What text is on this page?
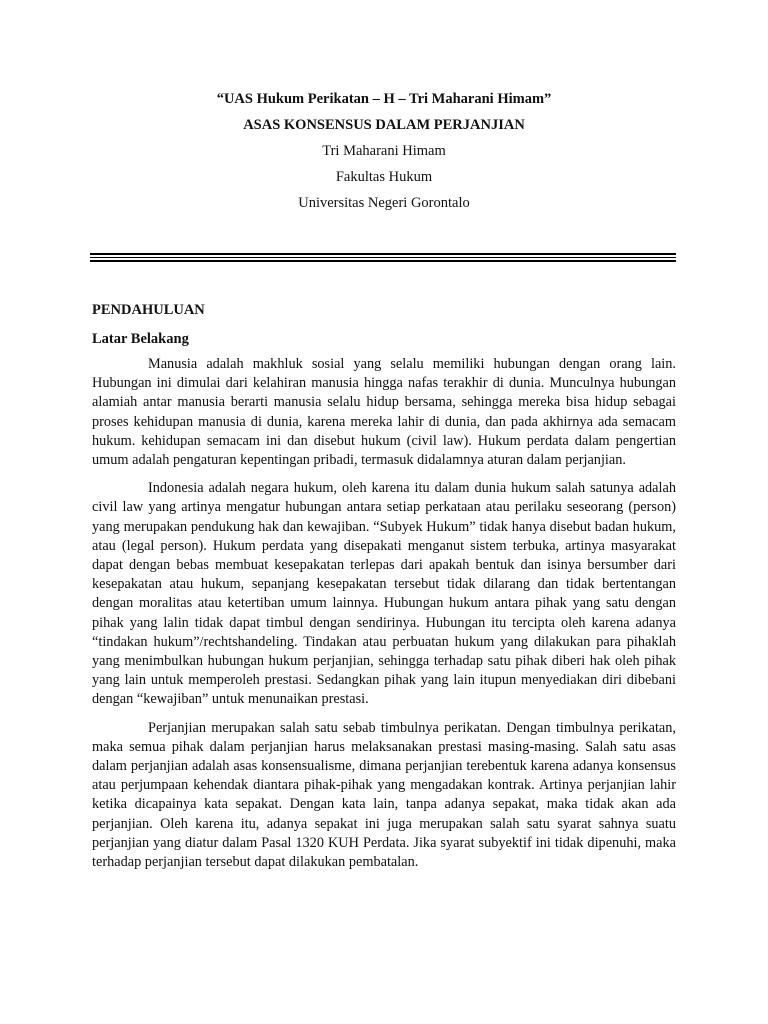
“UAS Hukum Perikatan – H – Tri Maharani Himam”

ASAS KONSENSUS DALAM PERJANJIAN

Tri Maharani Himam

Fakultas Hukum

Universitas Negeri Gorontalo

PENDAHULUAN

Latar Belakang

Manusia adalah makhluk sosial yang selalu memiliki hubungan dengan orang lain. Hubungan ini dimulai dari kelahiran manusia hingga nafas terakhir di dunia. Munculnya hubungan alamiah antar manusia berarti manusia selalu hidup bersama, sehingga mereka bisa hidup sebagai proses kehidupan manusia di dunia, karena mereka lahir di dunia, dan pada akhirnya ada semacam hukum. kehidupan semacam ini dan disebut hukum (civil law). Hukum perdata dalam pengertian umum adalah pengaturan kepentingan pribadi, termasuk didalamnya aturan dalam perjanjian.

Indonesia adalah negara hukum, oleh karena itu dalam dunia hukum salah satunya adalah civil law yang artinya mengatur hubungan antara setiap perkataan atau perilaku seseorang (person) yang merupakan pendukung hak dan kewajiban. “Subyek Hukum” tidak hanya disebut badan hukum, atau (legal person). Hukum perdata yang disepakati menganut sistem terbuka, artinya masyarakat dapat dengan bebas membuat kesepakatan terlepas dari apakah bentuk dan isinya bersumber dari kesepakatan atau hukum, sepanjang kesepakatan tersebut tidak dilarang dan tidak bertentangan dengan moralitas atau ketertiban umum lainnya. Hubungan hukum antara pihak yang satu dengan pihak yang lalin tidak dapat timbul dengan sendirinya. Hubungan itu tercipta oleh karena adanya “tindakan hukum”/rechtshandeling. Tindakan atau perbuatan hukum yang dilakukan para pihaklah yang menimbulkan hubungan hukum perjanjian, sehingga terhadap satu pihak diberi hak oleh pihak yang lain untuk memperoleh prestasi. Sedangkan pihak yang lain itupun menyediakan diri dibebani dengan “kewajiban” untuk menunaikan prestasi.

Perjanjian merupakan salah satu sebab timbulnya perikatan. Dengan timbulnya perikatan, maka semua pihak dalam perjanjian harus melaksanakan prestasi masing-masing. Salah satu asas dalam perjanjian adalah asas konsensualisme, dimana perjanjian terebentuk karena adanya konsensus atau perjumpaan kehendak diantara pihak-pihak yang mengadakan kontrak. Artinya perjanjian lahir ketika dicapainya kata sepakat. Dengan kata lain, tanpa adanya sepakat, maka tidak akan ada perjanjian. Oleh karena itu, adanya sepakat ini juga merupakan salah satu syarat sahnya suatu perjanjian yang diatur dalam Pasal 1320 KUH Perdata. Jika syarat subyektif ini tidak dipenuhi, maka terhadap perjanjian tersebut dapat dilakukan pembatalan.
